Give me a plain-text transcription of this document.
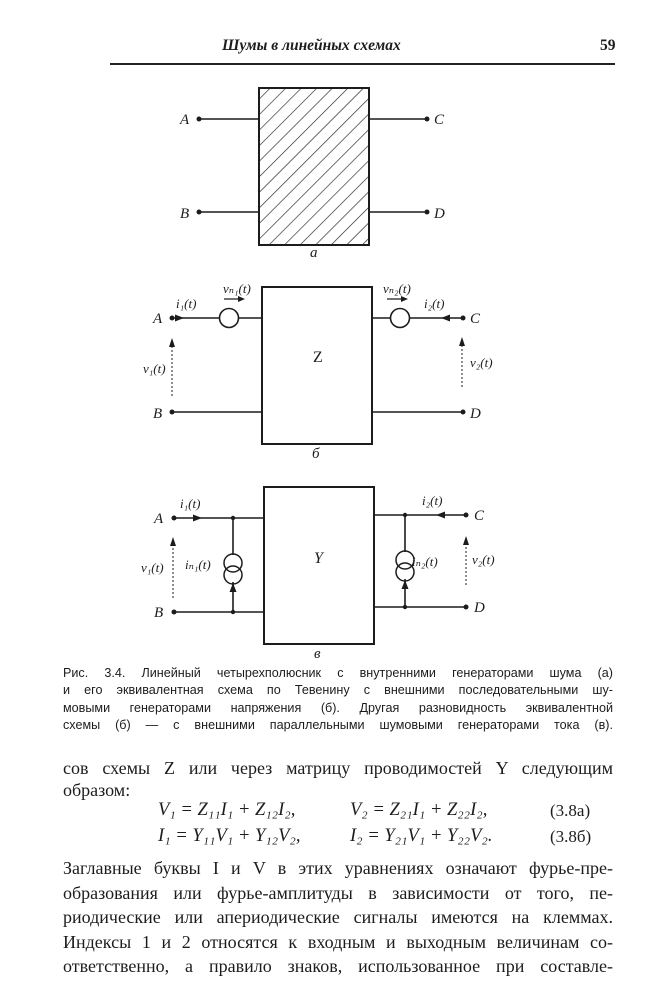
Шумы в линейных схемах	59
A
B
C
D
a
Z
A
B
C
D
i₁(t)	i₂(t)
vₙ₁(t)	vₙ₂(t)
v₁(t)	v₂(t)
б
Y
A
B
C
D
i₁(t)	i₂(t)
iₙ₁(t)	iₙ₂(t)
v₁(t)
v₂(t)
в
Рис. 3.4. Линейный четырехполюсник с внутренними генераторами шума (а)
и его эквивалентная схема по Тевенину с внешними последовательными шу-
мовыми генераторами напряжения (б). Другая разновидность эквивалентной
схемы (б) — с внешними параллельными шумовыми генераторами тока (в).
сов схемы Z или через матрицу проводимостей Y следующим
образом:
V₁ = Z₁₁I₁ + Z₁₂I₂,	V₂ = Z₂₁I₁ + Z₂₂I₂,	(3.8а)
I₁ = Y₁₁V₁ + Y₁₂V₂,	I₂ = Y₂₁V₁ + Y₂₂V₂.	(3.8б)
Заглавные буквы I и V в этих уравнениях означают фурье-пре-
образования или фурье-амплитуды в зависимости от того, пе-
риодические или апериодические сигналы имеются на клеммах.
Индексы 1 и 2 относятся к входным и выходным величинам со-
ответственно, а правило знаков, использованное при составле-
